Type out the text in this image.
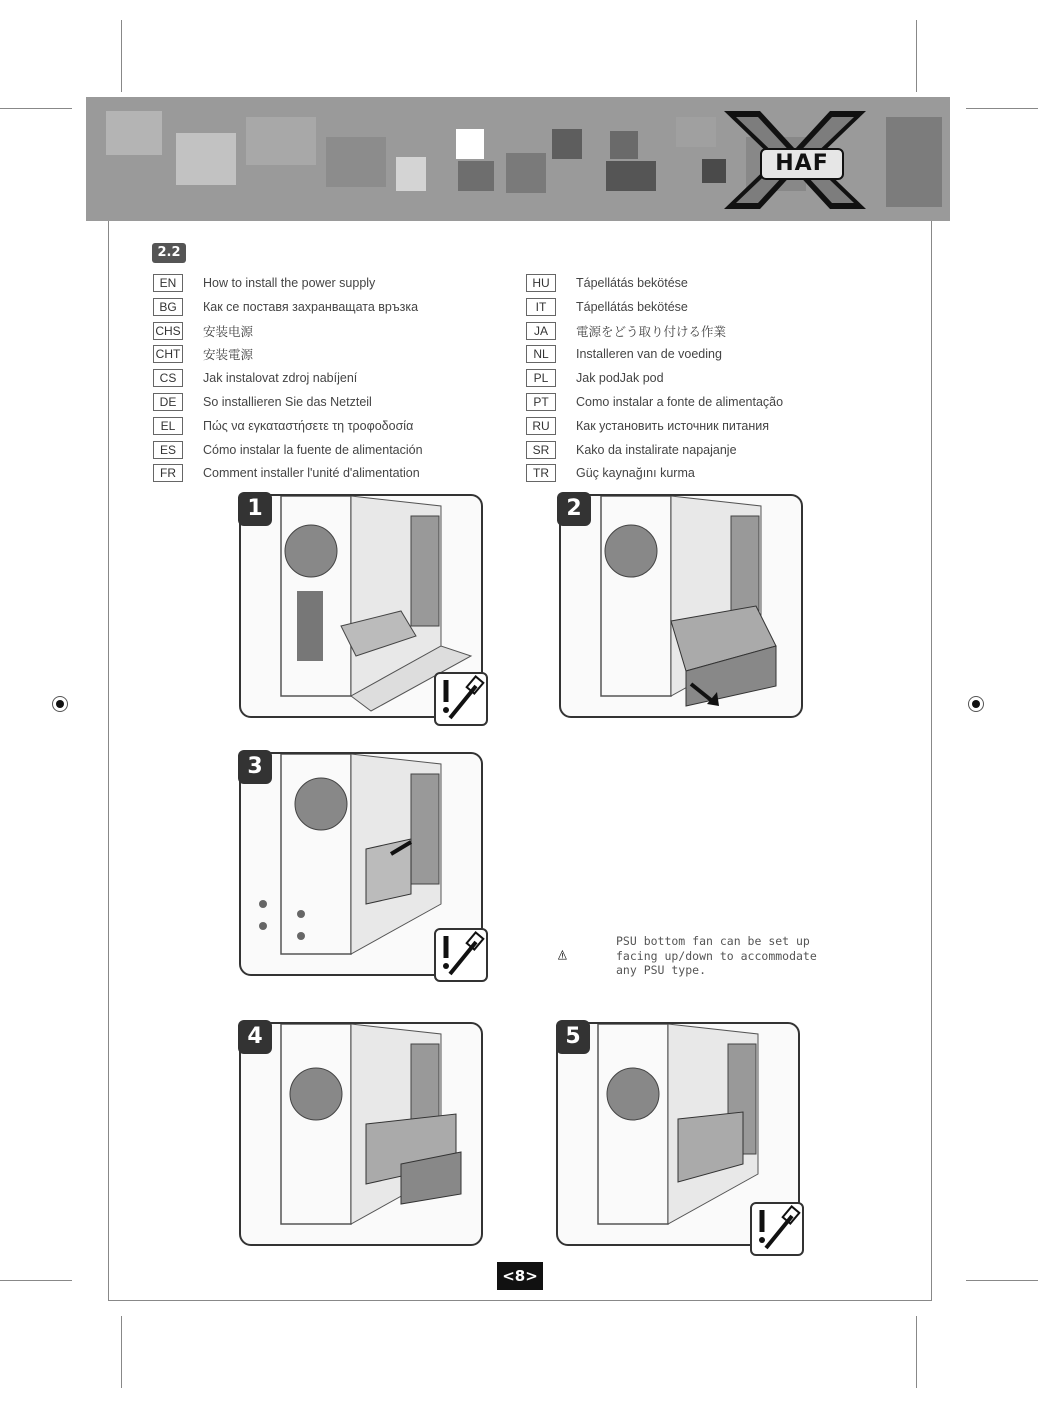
HAF
2.2
EN	How to install the power supply
BG	Как се поставя захранващата връзка
CHS 安装电源
CHT 安装電源
CS	Jak instalovat zdroj nabíjení
DE	So installieren Sie das Netzteil
EL	Πώς να εγκαταστήσετε τη τροφοδοσία
ES	Cómo instalar la fuente de alimentación
FR	Comment installer l'unité d'alimentation
HU	Tápellátás bekötése
IT	Tápellátás bekötése
JA	電源をどう取り付ける作業
NL	Installeren van de voeding
PL	Jak podJak pod
PT	Como instalar a fonte de alimentação
RU	Как установить источник питания
SR	Kako da instalirate napajanje
TR	Güç kaynağını kurma
1	2
3
PSU bottom fan can be set up
facing up/down to accommodate
any PSU type.
4	5
<8>
